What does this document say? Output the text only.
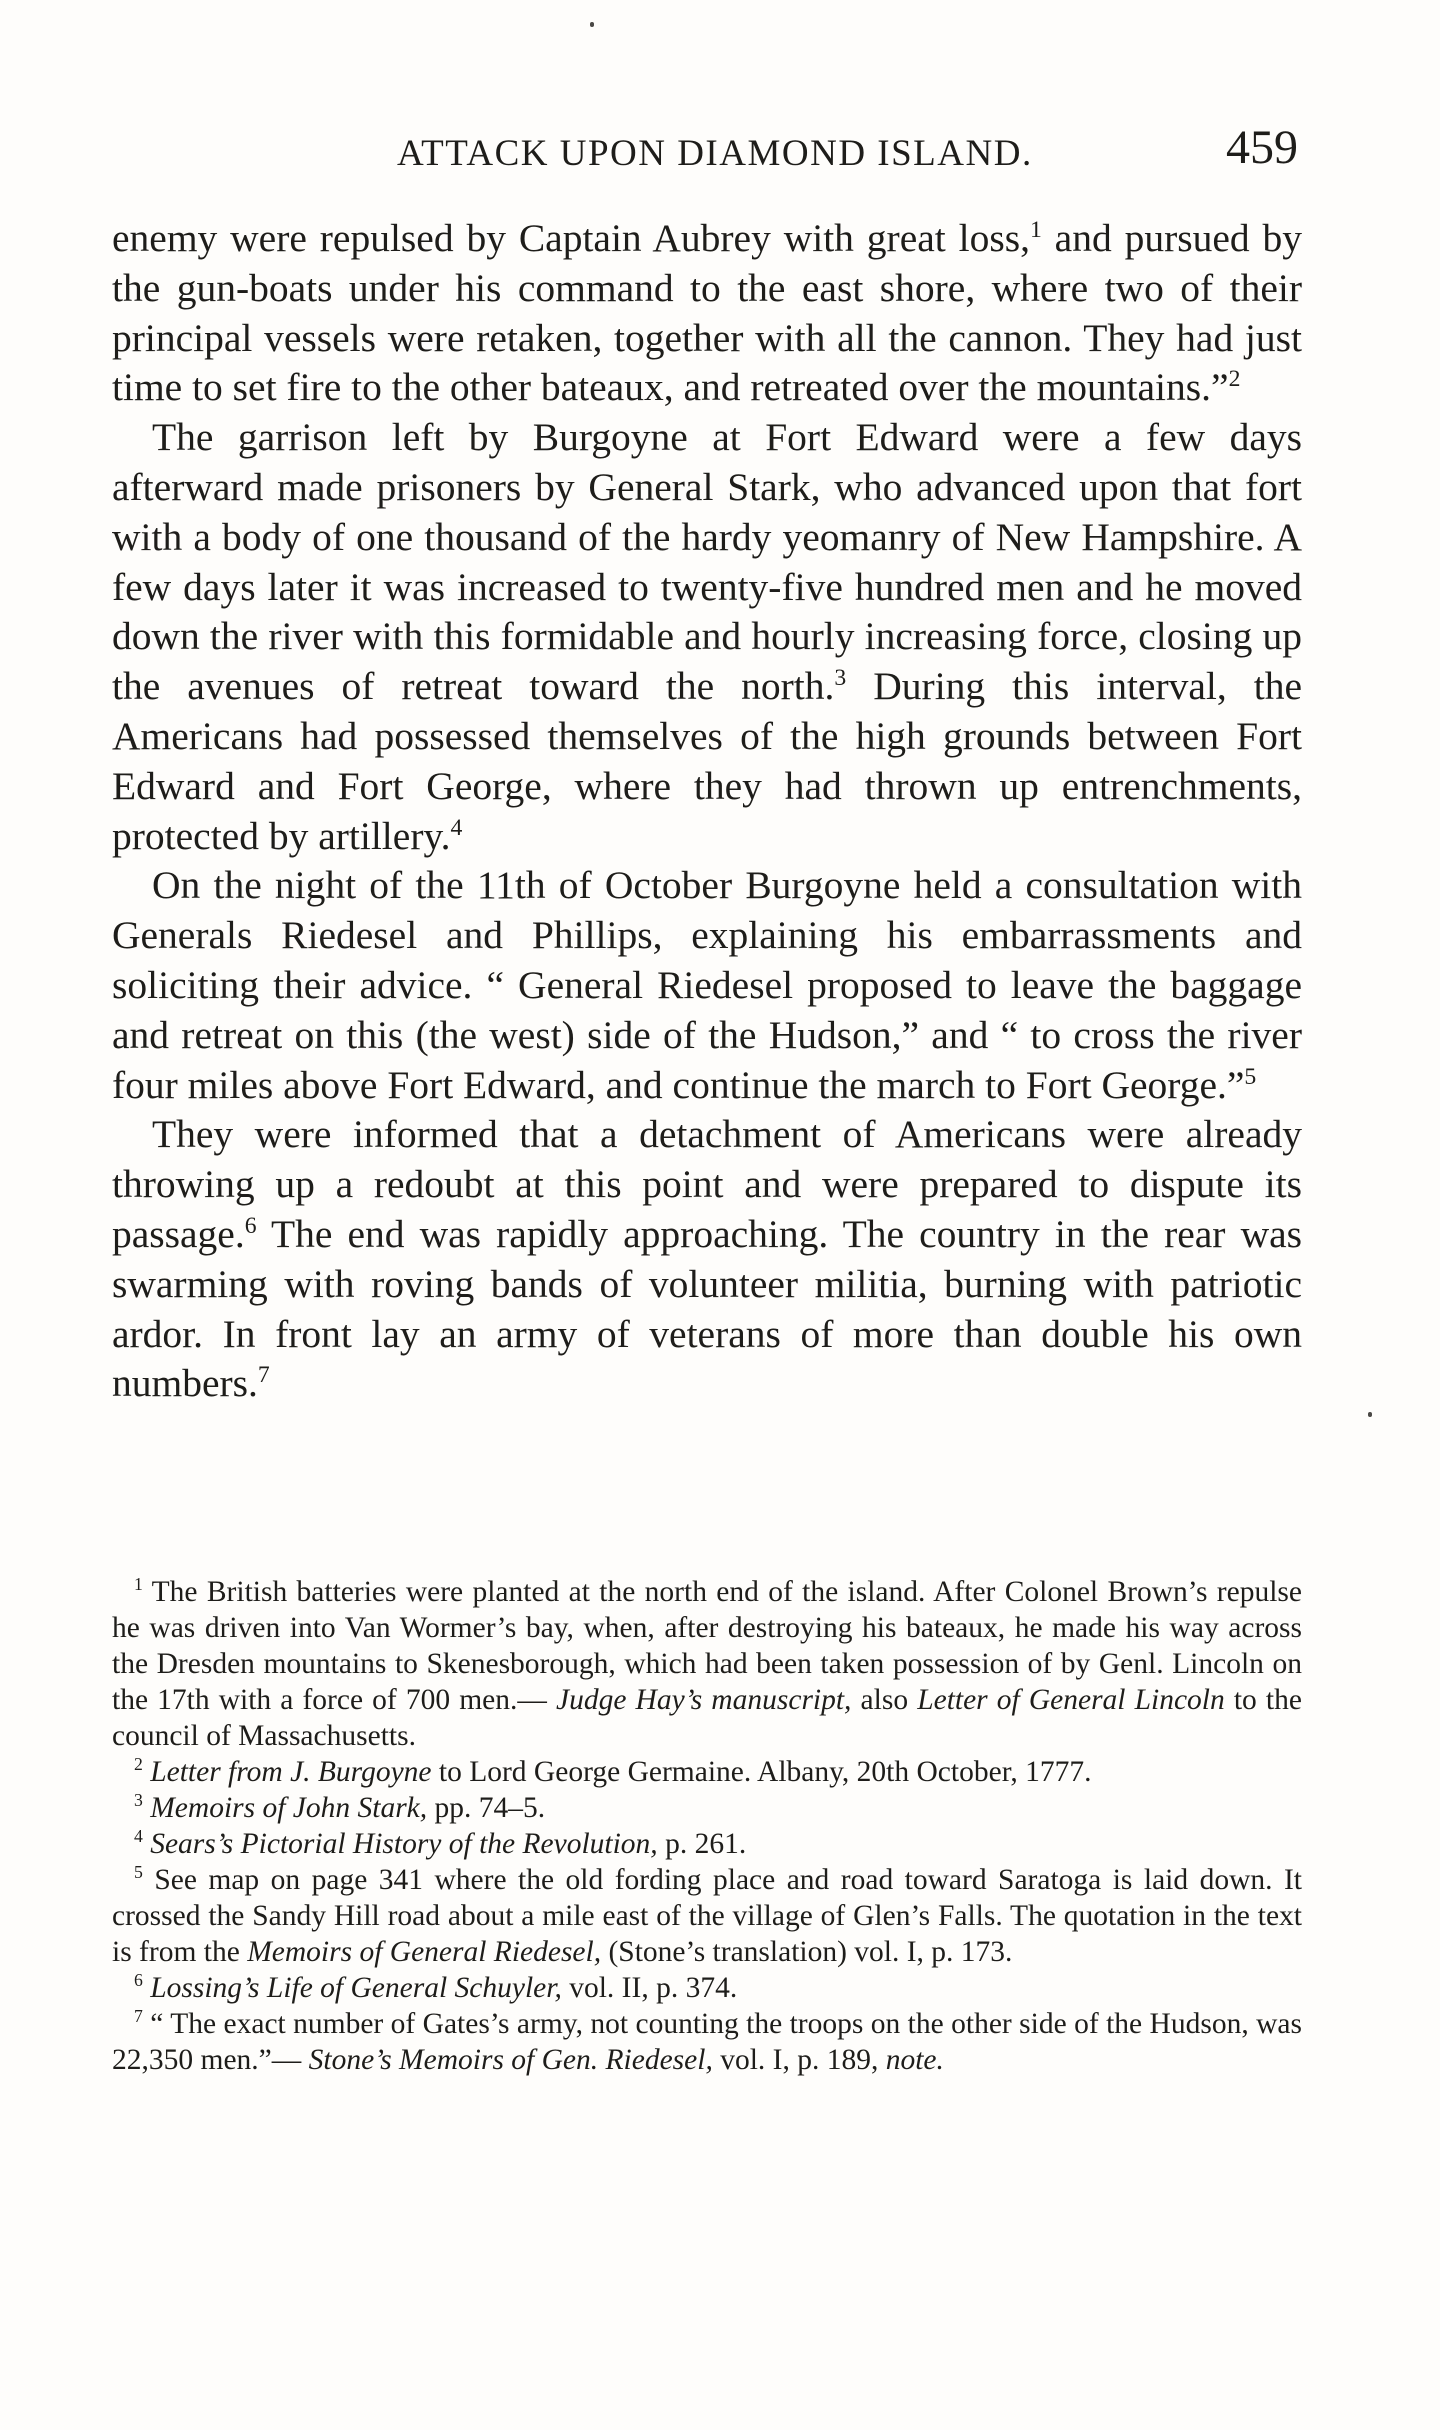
ATTACK UPON DIAMOND ISLAND.	459

enemy were repulsed by Captain Aubrey with great loss,$^1$ and pursued by the gun-boats under his command to the east shore, where two of their principal vessels were retaken, together with all the cannon. They had just time to set fire to the other bateaux, and retreated over the mountains.”$^2$

The garrison left by Burgoyne at Fort Edward were a few days afterward made prisoners by General Stark, who advanced upon that fort with a body of one thousand of the hardy yeomanry of New Hampshire. A few days later it was increased to twenty-five hundred men and he moved down the river with this formidable and hourly increasing force, closing up the avenues of retreat toward the north.$^3$ During this interval, the Americans had possessed themselves of the high grounds between Fort Edward and Fort George, where they had thrown up entrenchments, protected by artillery.$^4$

On the night of the 11th of October Burgoyne held a consultation with Generals Riedesel and Phillips, explaining his embarrassments and soliciting their advice. “ General Riedesel proposed to leave the baggage and retreat on this (the west) side of the Hudson,” and “ to cross the river four miles above Fort Edward, and continue the march to Fort George.”$^5$

They were informed that a detachment of Americans were already throwing up a redoubt at this point and were prepared to dispute its passage.$^6$ The end was rapidly approaching. The country in the rear was swarming with roving bands of volunteer militia, burning with patriotic ardor. In front lay an army of veterans of more than double his own numbers.$^7$

$^1$ The British batteries were planted at the north end of the island. After Colonel Brown’s repulse he was driven into Van Wormer’s bay, when, after destroying his bateaux, he made his way across the Dresden mountains to Skenesborough, which had been taken possession of by Genl. Lincoln on the 17th with a force of 700 men.— Judge Hay’s manuscript, also Letter of General Lincoln to the council of Massachusetts.

$^2$ Letter from J. Burgoyne to Lord George Germaine. Albany, 20th October, 1777.

$^3$ Memoirs of John Stark, pp. 74–5.

$^4$ Sears’s Pictorial History of the Revolution, p. 261.

$^5$ See map on page 341 where the old fording place and road toward Saratoga is laid down. It crossed the Sandy Hill road about a mile east of the village of Glen’s Falls. The quotation in the text is from the Memoirs of General Riedesel, (Stone’s translation) vol. I, p. 173.

$^6$ Lossing’s Life of General Schuyler, vol. II, p. 374.

$^7$ “ The exact number of Gates’s army, not counting the troops on the other side of the Hudson, was 22,350 men.”— Stone’s Memoirs of Gen. Riedesel, vol. I, p. 189, note.
